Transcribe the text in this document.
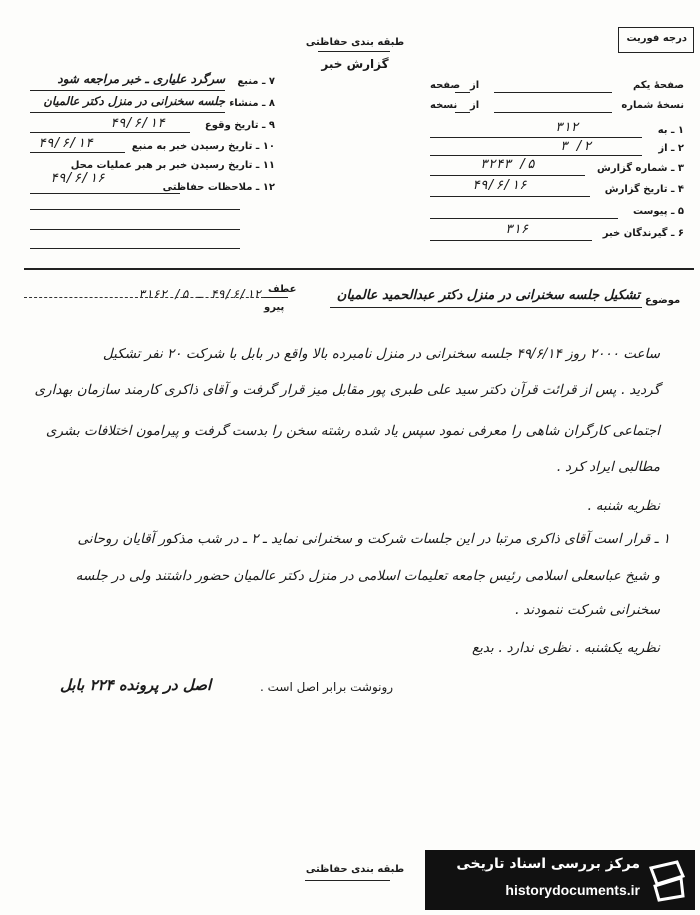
طبقه بندی حفاظتی
گزارش خبر
درجه فوریت
صفحهٔ یکم
از
صفحه
نسخهٔ شماره
از
نسخه
۱ ـ به
۳۱۲
۲ ـ از
۲/ ۳
۳ ـ شماره گزارش
۵/ ۳۲۴۳
۴ ـ تاریخ گزارش
۴۹/۶/۱۶
۵ ـ پیوست
۶ ـ گیرندگان خبر
۳۱۶
۷ ـ منبع
سرگرد علیاری ـ خبر مراجعه شود
۸ ـ منشاء
جلسه سخنرانی در منزل دکتر عالمیان
۹ ـ تاریخ وقوع
۴۹/۶/۱۴
۱۰ ـ تاریخ رسیدن خبر به منبع
۴۹/۶/۱۴
۱۱ ـ تاریخ رسیدن خبر بر هبر عملیات محل
۴۹/۶/۱۶
۱۲ ـ ملاحظات حفاظتی
موضوع
تشکیل جلسه سخنرانی در منزل دکتر عبدالحمید عالمیان
عطف
پیرو
۴۹/۶/۱۲ ـ ۵/ ۳۱۶۲
ساعت ۲۰۰۰ روز ۴۹/۶/۱۴ جلسه سخنرانی در منزل نامبرده بالا واقع در بابل با شرکت ۲۰ نفر تشکیل
گردید . پس از قرائت قرآن دکتر سید علی طبری پور مقابل میز قرار گرفت و آقای ذاکری کارمند سازمان بهداری
اجتماعی کارگران شاهی را معرفی نمود سپس یاد شده رشته سخن را بدست گرفت و پیرامون اختلافات بشری
مطالبی ایراد کرد .
نظریه شنبه .
۱ ـ قرار است آقای ذاکری مرتبا در این جلسات شرکت و سخنرانی نماید ـ ۲ ـ در شب مذکور آقایان روحانی
و شیخ عباسعلی اسلامی رئیس جامعه تعلیمات اسلامی در منزل دکتر عالمیان حضور داشتند ولی در جلسه
سخنرانی شرکت ننمودند .
نظریه یکشنبه . نظری ندارد . بدیع
رونوشت برابر اصل است .
اصل در پرونده ۲۲۴ بابل
طبقه بندی حفاظتی	مرکز بررسی اسناد تاریخی
historydocuments.ir
